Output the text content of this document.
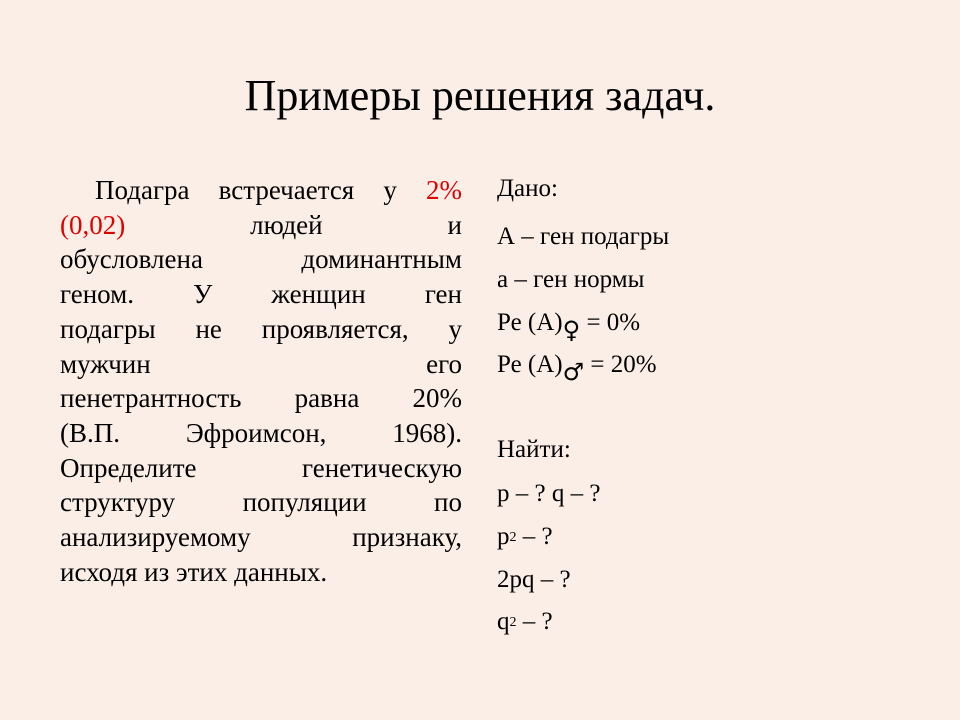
Примеры решения задач.
Подагра встречается у 2%
(0,02) людей и
обусловлена доминантным
геном. У женщин ген
подагры не проявляется, у
мужчин его
пенетрантность равна 20%
(В.П. Эфроимсон, 1968).
Определите генетическую
структуру популяции по
анализируемому признаку,
исходя из этих данных.
Дано:
А – ген подагры
а – ген нормы
Ре (А)♀ = 0%
Ре (А)♂ = 20%
Найти:
р – ? q – ?
$р^2$ – ?
2рq – ?
$q^2$ – ?
